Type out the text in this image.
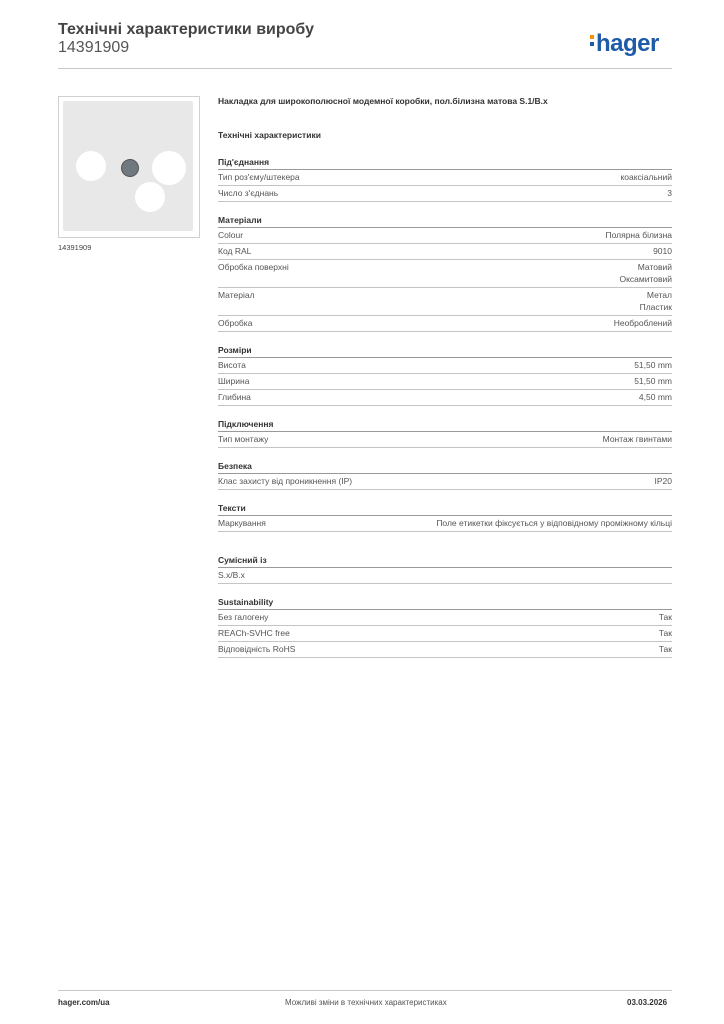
Технічні характеристики виробу
14391909	hager
14391909
Накладка для широкополюсної модемної коробки, пол.білизна матова S.1/B.x
Технічні характеристики
Під'єднання
Тип роз'єму/штекера	коаксіальний
Число з'єднань	3
Матеріали
Colour	Полярна білизна
Код RAL	9010
Обробка поверхні	Матовий
Оксамитовий
Матеріал	Метал
Пластик
Обробка	Необроблений
Розміри
Висота	51,50 mm
Ширина	51,50 mm
Глибина	4,50 mm
Підключення
Тип монтажу	Монтаж гвинтами
Безпека
Клас захисту від проникнення (IP)	IP20
Тексти
Маркування	Поле етикетки фіксується у відповідному проміжному кільці
Сумісний із
S.x/B.x
Sustainability
Без галогену	Так
REACh-SVHC free	Так
Відповідність RoHS	Так
hager.com/ua	Можливі зміни в технічних характеристиках	03.03.2026
